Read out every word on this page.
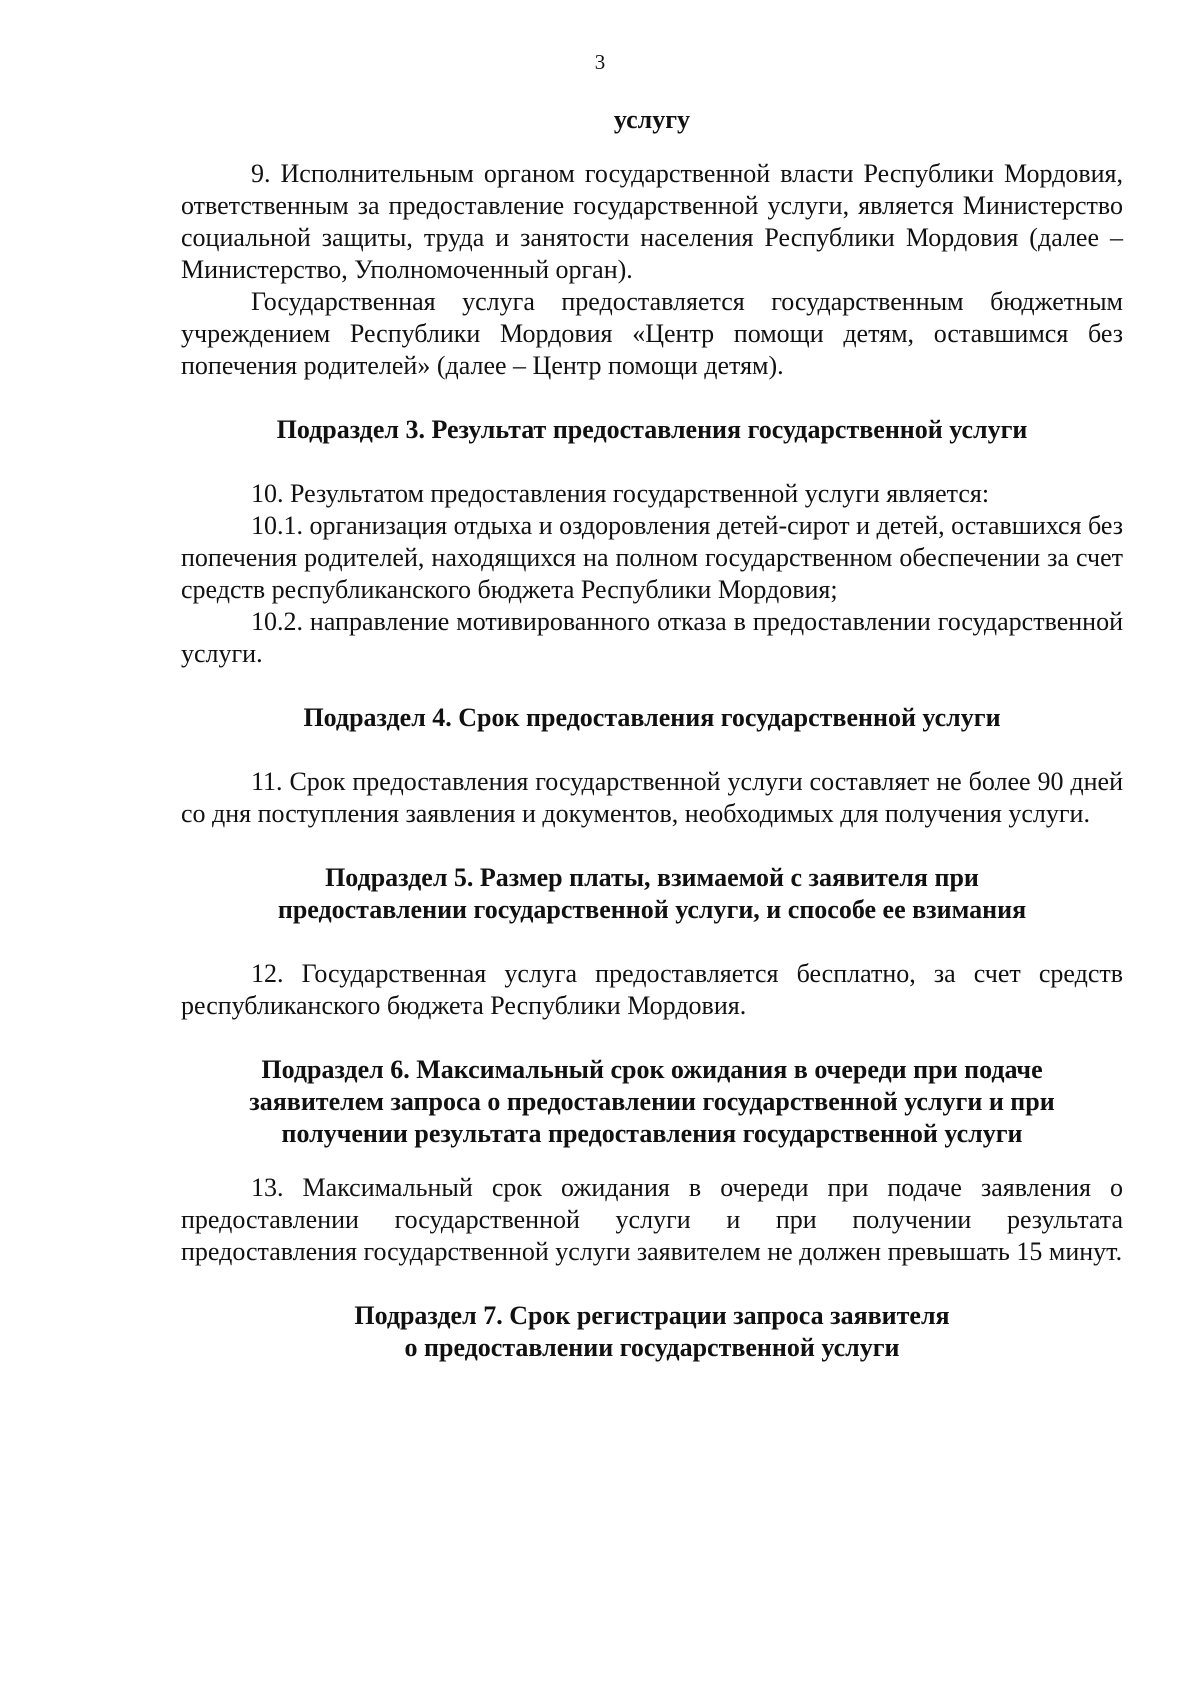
3
услугу

9. Исполнительным органом государственной власти Республики Мордовия, ответственным за предоставление государственной услуги, является Министерство социальной защиты, труда и занятости населения Республики Мордовия (далее – Министерство, Уполномоченный орган).

Государственная услуга предоставляется государственным бюджетным учреждением Республики Мордовия «Центр помощи детям, оставшимся без попечения родителей» (далее – Центр помощи детям).

Подраздел 3. Результат предоставления государственной услуги

10. Результатом предоставления государственной услуги является:

10.1. организация отдыха и оздоровления детей-сирот и детей, оставшихся без попечения родителей, находящихся на полном государственном обеспечении за счет средств республиканского бюджета Республики Мордовия;

10.2. направление мотивированного отказа в предоставлении государственной услуги.

Подраздел 4. Срок предоставления государственной услуги

11. Срок предоставления государственной услуги составляет не более 90 дней со дня поступления заявления и документов, необходимых для получения услуги.

Подраздел 5. Размер платы, взимаемой с заявителя при
предоставлении государственной услуги, и способе ее взимания

12. Государственная услуга предоставляется бесплатно, за счет средств республиканского бюджета Республики Мордовия.

Подраздел 6. Максимальный срок ожидания в очереди при подаче
заявителем запроса о предоставлении государственной услуги и при
получении результата предоставления государственной услуги

13. Максимальный срок ожидания в очереди при подаче заявления о предоставлении государственной услуги и при получении результата предоставления государственной услуги заявителем не должен превышать 15 минут.

Подраздел 7. Срок регистрации запроса заявителя
о предоставлении государственной услуги
